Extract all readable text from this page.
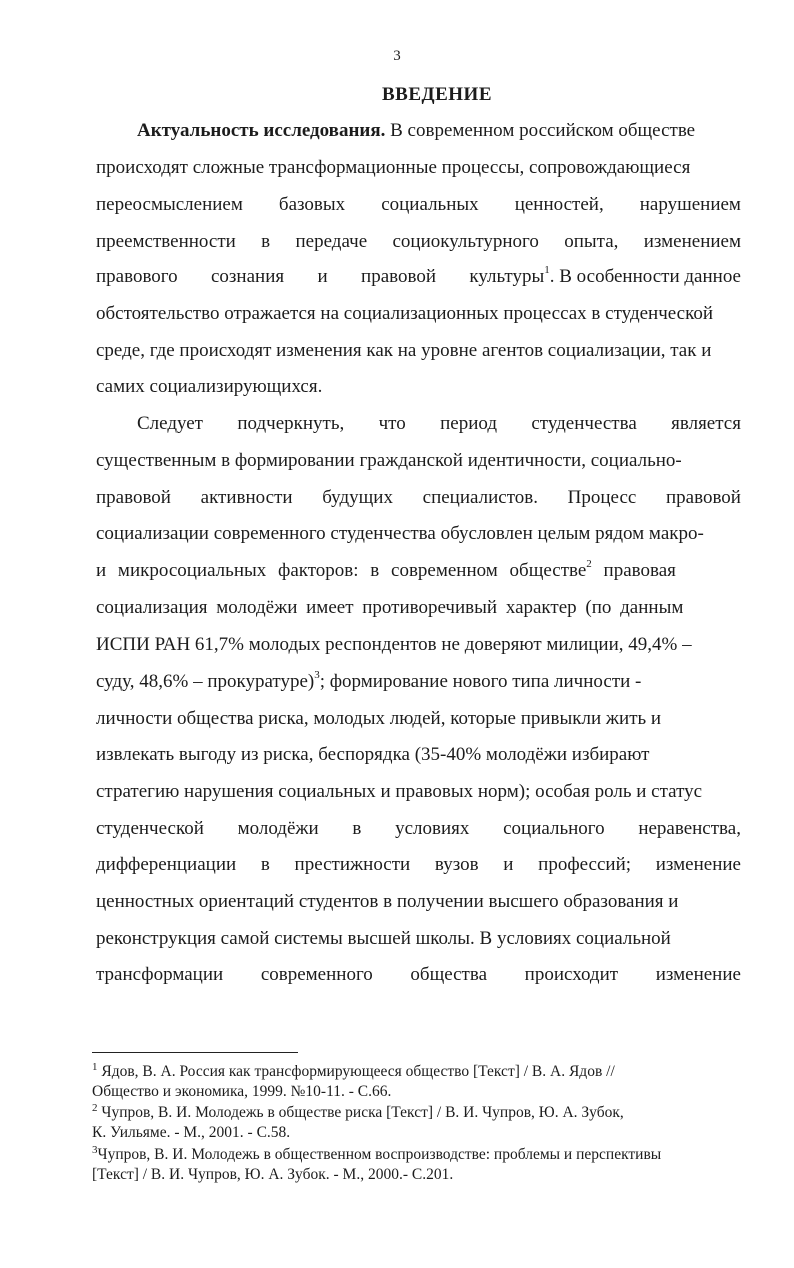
3
ВВЕДЕНИЕ
Актуальность исследования. В современном российском обществе
происходят сложные трансформационные процессы, сопровождающиеся
переосмыслением базовых социальных ценностей, нарушением
преемственности в передаче социокультурного опыта, изменением
правового сознания и правовой культуры$^1$. В особенности данное
обстоятельство отражается на социализационных процессах в студенческой
среде, где происходят изменения как на уровне агентов социализации, так и
самих социализирующихся.
Следует подчеркнуть, что период студенчества является
существенным в формировании гражданской идентичности, социально-
правовой активности будущих специалистов. Процесс правовой
социализации современного студенчества обусловлен целым рядом макро-
и микросоциальных факторов: в современном обществе$^2$ правовая
социализация молодёжи имеет противоречивый характер (по данным
ИСПИ РАН 61,7% молодых респондентов не доверяют милиции, 49,4% –
суду, 48,6% – прокуратуре)$^3$; формирование нового типа личности -
личности общества риска, молодых людей, которые привыкли жить и
извлекать выгоду из риска, беспорядка (35-40% молодёжи избирают
стратегию нарушения социальных и правовых норм); особая роль и статус
студенческой молодёжи в условиях социального неравенства,
дифференциации в престижности вузов и профессий; изменение
ценностных ориентаций студентов в получении высшего образования и
реконструкция самой системы высшей школы. В условиях социальной
трансформации современного общества происходит изменение
$^1$ Ядов, В. А. Россия как трансформирующееся общество [Текст] / В. А. Ядов //
Общество и экономика, 1999. №10-11. - С.66.
$^2$ Чупров, В. И. Молодежь в обществе риска [Текст] / В. И. Чупров, Ю. А. Зубок,
К. Уильяме. - М., 2001. - С.58.
$^3$Чупров, В. И. Молодежь в общественном воспроизводстве: проблемы и перспективы
[Текст] / В. И. Чупров, Ю. А. Зубок. - М., 2000.- С.201.
